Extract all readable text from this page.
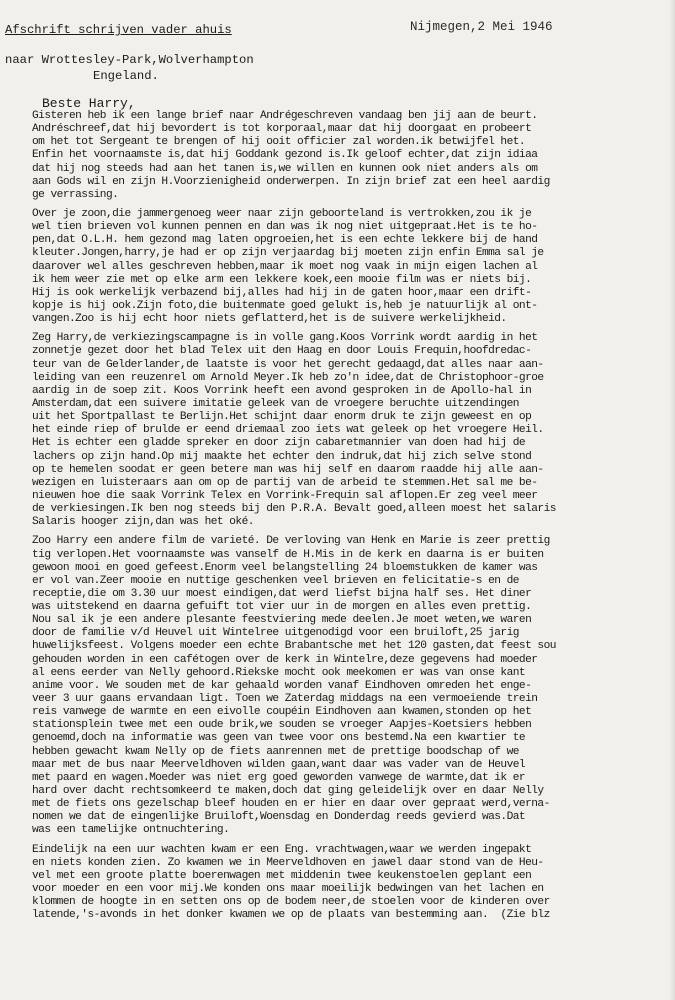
Afschrift schrijven vader ahuis	Nijmegen,2 Mei 1946
naar Wrottesley-Park,Wolverhampton
Engeland.
Beste Harry,
Gisteren heb ik een lange brief naar Andrégeschreven vandaag ben jij aan de beurt.
Andréschreef,dat hij bevordert is tot korporaal,maar dat hij doorgaat en probeert
om het tot Sergeant te brengen of hij ooit officier zal worden.ik betwijfel het.
Enfin het voornaamste is,dat hij Goddank gezond is.Ik geloof echter,dat zijn idiaa
dat hij nog steeds had aan het tanen is,we willen en kunnen ook niet anders als om
aan Gods wil en zijn H.Voorzienigheid onderwerpen. In zijn brief zat een heel aardig
ge verrassing.
Over je zoon,die jammergenoeg weer naar zijn geboorteland is vertrokken,zou ik je
wel tien brieven vol kunnen pennen en dan was ik nog niet uitgepraat.Het is te ho-
pen,dat O.L.H. hem gezond mag laten opgroeien,het is een echte lekkere bij de hand
kleuter.Jongen,harry,je had er op zijn verjaardag bij moeten zijn enfin Emma sal je
daarover wel alles geschreven hebben,maar ik moet nog vaak in mijn eigen lachen al
ik hem weer zie met op elke arm een lekkere koek,een mooie film was er niets bij.
Hij is ook werkelijk verbazend bij,alles had hij in de gaten hoor,maar een drift-
kopje is hij ook.Zijn foto,die buitenmate goed gelukt is,heb je natuurlijk al ont-
vangen.Zoo is hij echt hoor niets geflatterd,het is de suivere werkelijkheid.
Zeg Harry,de verkiezingscampagne is in volle gang.Koos Vorrink wordt aardig in het
zonnetje gezet door het blad Telex uit den Haag en door Louis Frequin,hoofdredac-
teur van de Gelderlander,de laatste is voor het gerecht gedaagd,dat alles naar aan-
leiding van een reuzenrel om Arnold Meyer.Ik heb zo'n idee,dat de Christophoor-groe
aardig in de soep zit. Koos Vorrink heeft een avond gesproken in de Apollo-hal in
Amsterdam,dat een suivere imitatie geleek van de vroegere beruchte uitzendingen
uit het Sportpallast te Berlijn.Het schijnt daar enorm druk te zijn geweest en op
het einde riep of brulde er eend driemaal zoo iets wat geleek op het vroegere Heil.
Het is echter een gladde spreker en door zijn cabaretmannier van doen had hij de
lachers op zijn hand.Op mij maakte het echter den indruk,dat hij zich selve stond
op te hemelen soodat er geen betere man was hij self en daarom raadde hij alle aan-
wezigen en luisteraars aan om op de partij van de arbeid te stemmen.Het sal me be-
nieuwen hoe die saak Vorrink Telex en Vorrink-Frequin sal aflopen.Er zeg veel meer
de verkiesingen.Ik ben nog steeds bij den P.R.A. Bevalt goed,alleen moest het salaris
Salaris hooger zijn,dan was het oké.
Zoo Harry een andere film de varieté. De verloving van Henk en Marie is zeer prettig
tig verlopen.Het voornaamste was vanself de H.Mis in de kerk en daarna is er buiten
gewoon mooi en goed gefeest.Enorm veel belangstelling 24 bloemstukken de kamer was
er vol van.Zeer mooie en nuttige geschenken veel brieven en felicitatie-s en de
receptie,die om 3.30 uur moest eindigen,dat werd liefst bijna half ses. Het diner
was uitstekend en daarna gefuift tot vier uur in de morgen en alles even prettig.
Nou sal ik je een andere plesante feestviering mede deelen.Je moet weten,we waren
door de familie v/d Heuvel uit Wintelree uitgenodigd voor een bruiloft,25 jarig
huwelijksfeest. Volgens moeder een echte Brabantsche met het 120 gasten,dat feest sou
gehouden worden in een cafétogen over de kerk in Wintelre,deze gegevens had moeder
al eens eerder van Nelly gehoord.Riekske mocht ook meekomen er was van onse kant
anime voor. We souden met de kar gehaald worden vanaf Eindhoven omreden het enge-
veer 3 uur gaans ervandaan ligt. Toen we Zaterdag middags na een vermoeiende trein
reis vanwege de warmte en een eivolle coupéin Eindhoven aan kwamen,stonden op het
stationsplein twee met een oude brik,we souden se vroeger Aapjes-Koetsiers hebben
genoemd,doch na informatie was geen van twee voor ons bestemd.Na een kwartier te
hebben gewacht kwam Nelly op de fiets aanrennen met de prettige boodschap of we
maar met de bus naar Meerveldhoven wilden gaan,want daar was vader van de Heuvel
met paard en wagen.Moeder was niet erg goed geworden vanwege de warmte,dat ik er
hard over dacht rechtsomkeerd te maken,doch dat ging geleidelijk over en daar Nelly
met de fiets ons gezelschap bleef houden en er hier en daar over gepraat werd,verna-
nomen we dat de eingenlijke Bruiloft,Woensdag en Donderdag reeds gevierd was.Dat
was een tamelijke ontnuchtering.
Eindelijk na een uur wachten kwam er een Eng. vrachtwagen,waar we werden ingepakt
en niets konden zien. Zo kwamen we in Meerveldhoven en jawel daar stond van de Heu-
vel met een groote platte boerenwagen met middenin twee keukenstoelen geplant een
voor moeder en een voor mij.We konden ons maar moeilijk bedwingen van het lachen en
klommen de hoogte in en setten ons op de bodem neer,de stoelen voor de kinderen over
latende,'s-avonds in het donker kwamen we op de plaats van bestemming aan.  (Zie blz
